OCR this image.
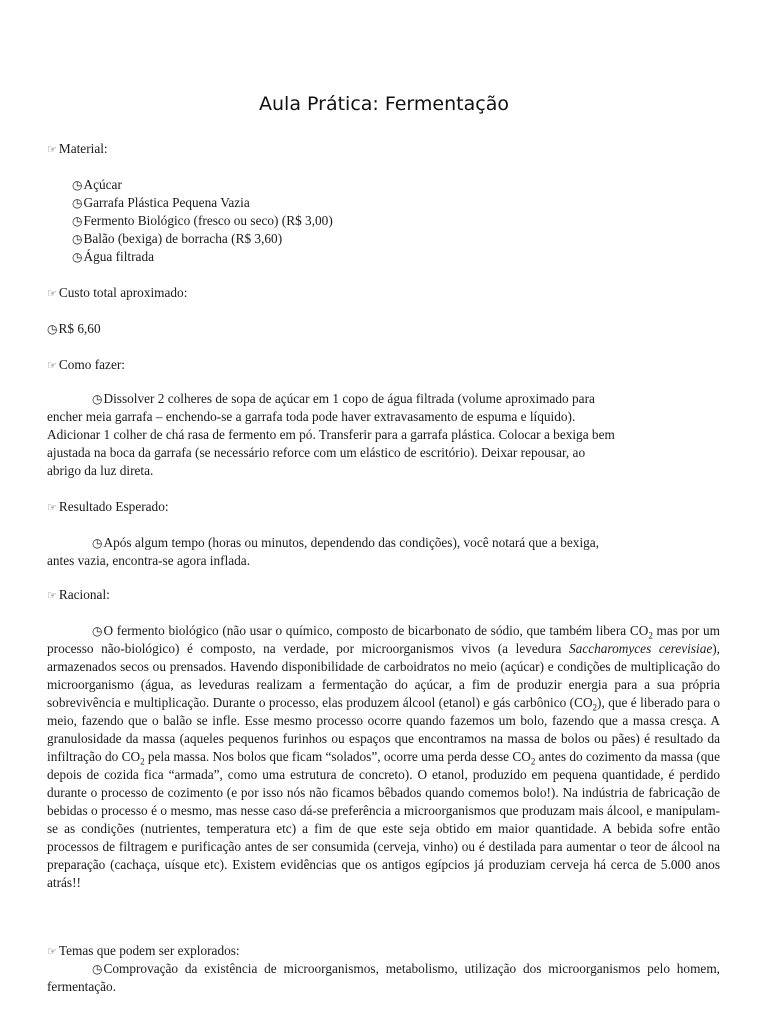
Aula Prática: Fermentação
☞ Material:
◷Açúcar
◷Garrafa Plástica Pequena Vazia
◷Fermento Biológico (fresco ou seco) (R$ 3,00)
◷Balão (bexiga) de borracha (R$ 3,60)
◷Água filtrada
☞ Custo total aproximado:
◷R$ 6,60
☞ Como fazer:
◷Dissolver 2 colheres de sopa de açúcar em 1 copo de água filtrada (volume aproximado para
encher meia garrafa – enchendo-se a garrafa toda pode haver extravasamento de espuma e líquido).
Adicionar 1 colher de chá rasa de fermento em pó. Transferir para a garrafa plástica. Colocar a bexiga bem
ajustada na boca da garrafa (se necessário reforce com um elástico de escritório). Deixar repousar, ao
abrigo da luz direta.
☞ Resultado Esperado:
◷Após algum tempo (horas ou minutos, dependendo das condições), você notará que a bexiga,
antes vazia, encontra-se agora inflada.
☞ Racional:
◷O fermento biológico (não usar o químico, composto de bicarbonato de sódio, que também libera $CO_2$ mas por um processo não-biológico) é composto, na verdade, por microorganismos vivos (a levedura Saccharomyces cerevisiae), armazenados secos ou prensados. Havendo disponibilidade de carboidratos no meio (açúcar) e condições de multiplicação do microorganismo (água, as leveduras realizam a fermentação do açúcar, a fim de produzir energia para a sua própria sobrevivência e multiplicação. Durante o processo, elas produzem álcool (etanol) e gás carbônico $(CO_2)$, que é liberado para o meio, fazendo que o balão se infle. Esse mesmo processo ocorre quando fazemos um bolo, fazendo que a massa cresça. A granulosidade da massa (aqueles pequenos furinhos ou espaços que encontramos na massa de bolos ou pães) é resultado da infiltração do $CO_2$ pela massa. Nos bolos que ficam “solados”, ocorre uma perda desse $CO_2$ antes do cozimento da massa (que depois de cozida fica “armada”, como uma estrutura de concreto). O etanol, produzido em pequena quantidade, é perdido durante o processo de cozimento (e por isso nós não ficamos bêbados quando comemos bolo!). Na indústria de fabricação de bebidas o processo é o mesmo, mas nesse caso dá-se preferência a microorganismos que produzam mais álcool, e manipulam-se as condições (nutrientes, temperatura etc) a fim de que este seja obtido em maior quantidade. A bebida sofre então processos de filtragem e purificação antes de ser consumida (cerveja, vinho) ou é destilada para aumentar o teor de álcool na preparação (cachaça, uísque etc). Existem evidências que os antigos egípcios já produziam cerveja há cerca de 5.000 anos atrás!!
☞ Temas que podem ser explorados:
◷Comprovação da existência de microorganismos, metabolismo, utilização dos microorganismos pelo homem, fermentação.
